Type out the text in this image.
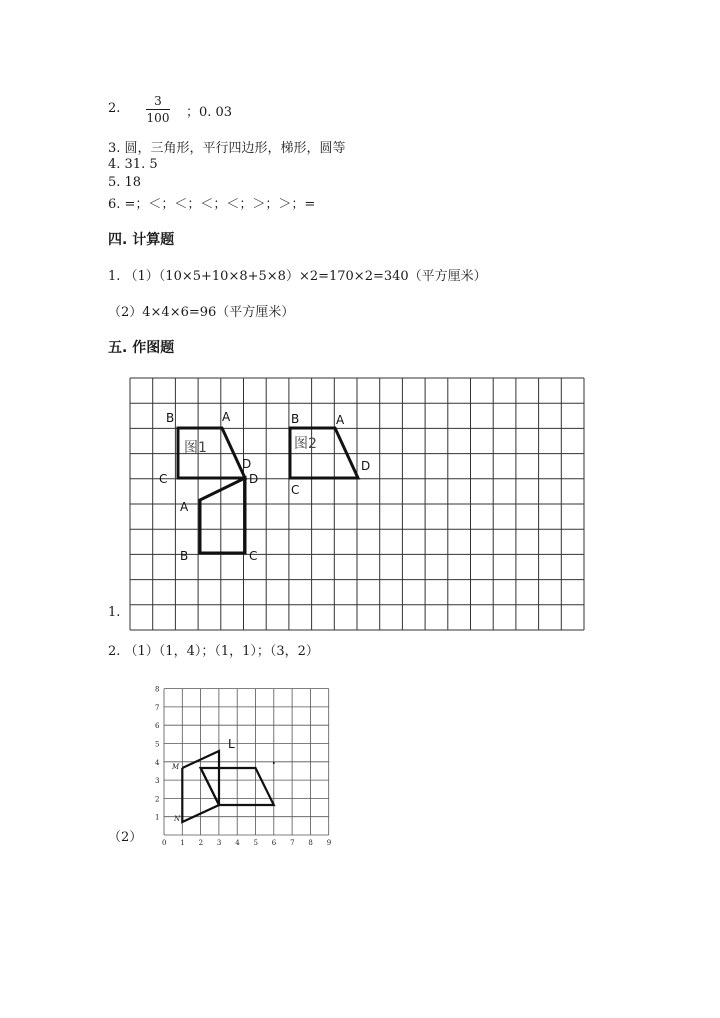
2.	3
100 ；0. 03
3. 圆，三角形，平行四边形，梯形，圆等
4. 31. 5
5. 18
6. =；＜；＜；＜；＜；＞；＞；=
四. 计算题
1. （1）（10×5+10×8+5×8）×2=170×2=340（平方厘米）
（2）4×4×6=96（平方厘米）
五. 作图题
图1	图2
B	A
C
D
D
A
B	C
B	A
D
C
1.
2. （1）（1，4）；（1，1）；（3，2）
0 1 2 3 4 5 6 7 8 9
1
2
3
4
5
6
7
8
L
M
N
（2）
